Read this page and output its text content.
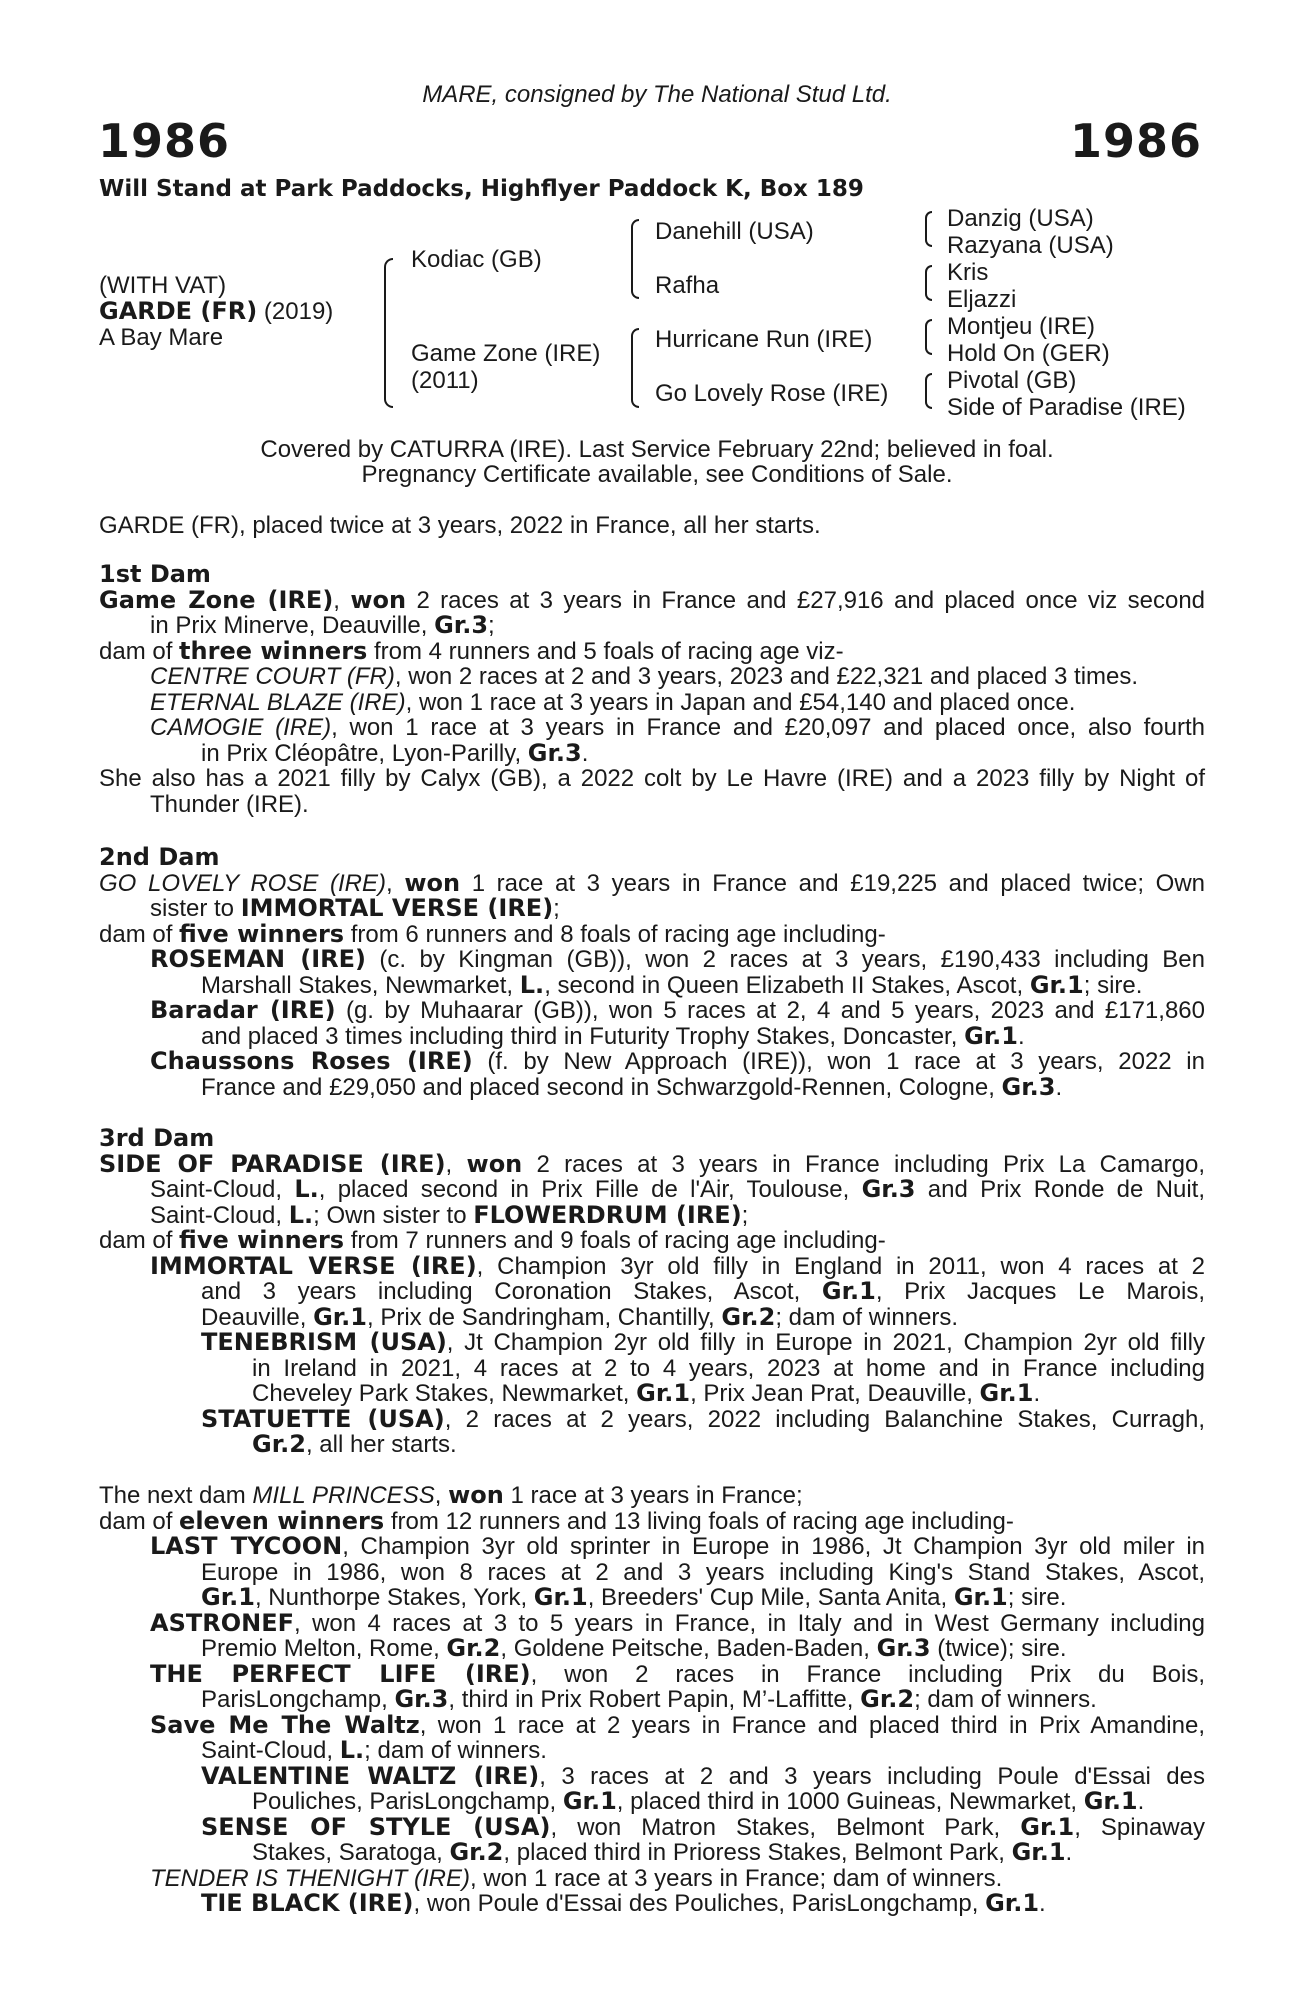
MARE, consigned by The National Stud Ltd.
1986	1986
Will Stand at Park Paddocks, Highflyer Paddock K, Box 189
(WITH VAT)
GARDE (FR) (2019)
A Bay Mare
Kodiac (GB)
Game Zone (IRE)
(2011)
Danehill (USA)
Rafha
Hurricane Run (IRE)
Go Lovely Rose (IRE)
Danzig (USA)
Razyana (USA)
Kris
Eljazzi
Montjeu (IRE)
Hold On (GER)
Pivotal (GB)
Side of Paradise (IRE)
Covered by CATURRA (IRE). Last Service February 22nd; believed in foal.
Pregnancy Certificate available, see Conditions of Sale.
GARDE (FR), placed twice at 3 years, 2022 in France, all her starts.
1st Dam
Game Zone (IRE), won 2 races at 3 years in France and £27,916 and placed once viz second
in Prix Minerve, Deauville, Gr.3;
dam of three winners from 4 runners and 5 foals of racing age viz-
CENTRE COURT (FR), won 2 races at 2 and 3 years, 2023 and £22,321 and placed 3 times.
ETERNAL BLAZE (IRE), won 1 race at 3 years in Japan and £54,140 and placed once.
CAMOGIE (IRE), won 1 race at 3 years in France and £20,097 and placed once, also fourth
in Prix Cléopâtre, Lyon-Parilly, Gr.3.
She also has a 2021 filly by Calyx (GB), a 2022 colt by Le Havre (IRE) and a 2023 filly by Night of
Thunder (IRE).
2nd Dam
GO LOVELY ROSE (IRE), won 1 race at 3 years in France and £19,225 and placed twice; Own
sister to IMMORTAL VERSE (IRE);
dam of five winners from 6 runners and 8 foals of racing age including-
ROSEMAN (IRE) (c. by Kingman (GB)), won 2 races at 3 years, £190,433 including Ben
Marshall Stakes, Newmarket, L., second in Queen Elizabeth II Stakes, Ascot, Gr.1; sire.
Baradar (IRE) (g. by Muhaarar (GB)), won 5 races at 2, 4 and 5 years, 2023 and £171,860
and placed 3 times including third in Futurity Trophy Stakes, Doncaster, Gr.1.
Chaussons Roses (IRE) (f. by New Approach (IRE)), won 1 race at 3 years, 2022 in
France and £29,050 and placed second in Schwarzgold-Rennen, Cologne, Gr.3.
3rd Dam
SIDE OF PARADISE (IRE), won 2 races at 3 years in France including Prix La Camargo,
Saint-Cloud, L., placed second in Prix Fille de l'Air, Toulouse, Gr.3 and Prix Ronde de Nuit,
Saint-Cloud, L.; Own sister to FLOWERDRUM (IRE);
dam of five winners from 7 runners and 9 foals of racing age including-
IMMORTAL VERSE (IRE), Champion 3yr old filly in England in 2011, won 4 races at 2
and 3 years including Coronation Stakes, Ascot, Gr.1, Prix Jacques Le Marois,
Deauville, Gr.1, Prix de Sandringham, Chantilly, Gr.2; dam of winners.
TENEBRISM (USA), Jt Champion 2yr old filly in Europe in 2021, Champion 2yr old filly
in Ireland in 2021, 4 races at 2 to 4 years, 2023 at home and in France including
Cheveley Park Stakes, Newmarket, Gr.1, Prix Jean Prat, Deauville, Gr.1.
STATUETTE (USA), 2 races at 2 years, 2022 including Balanchine Stakes, Curragh,
Gr.2, all her starts.
The next dam MILL PRINCESS, won 1 race at 3 years in France;
dam of eleven winners from 12 runners and 13 living foals of racing age including-
LAST TYCOON, Champion 3yr old sprinter in Europe in 1986, Jt Champion 3yr old miler in
Europe in 1986, won 8 races at 2 and 3 years including King's Stand Stakes, Ascot,
Gr.1, Nunthorpe Stakes, York, Gr.1, Breeders' Cup Mile, Santa Anita, Gr.1; sire.
ASTRONEF, won 4 races at 3 to 5 years in France, in Italy and in West Germany including
Premio Melton, Rome, Gr.2, Goldene Peitsche, Baden-Baden, Gr.3 (twice); sire.
THE PERFECT LIFE (IRE), won 2 races in France including Prix du Bois,
ParisLongchamp, Gr.3, third in Prix Robert Papin, M’-Laffitte, Gr.2; dam of winners.
Save Me The Waltz, won 1 race at 2 years in France and placed third in Prix Amandine,
Saint-Cloud, L.; dam of winners.
VALENTINE WALTZ (IRE), 3 races at 2 and 3 years including Poule d'Essai des
Pouliches, ParisLongchamp, Gr.1, placed third in 1000 Guineas, Newmarket, Gr.1.
SENSE OF STYLE (USA), won Matron Stakes, Belmont Park, Gr.1, Spinaway
Stakes, Saratoga, Gr.2, placed third in Prioress Stakes, Belmont Park, Gr.1.
TENDER IS THENIGHT (IRE), won 1 race at 3 years in France; dam of winners.
TIE BLACK (IRE), won Poule d'Essai des Pouliches, ParisLongchamp, Gr.1.
